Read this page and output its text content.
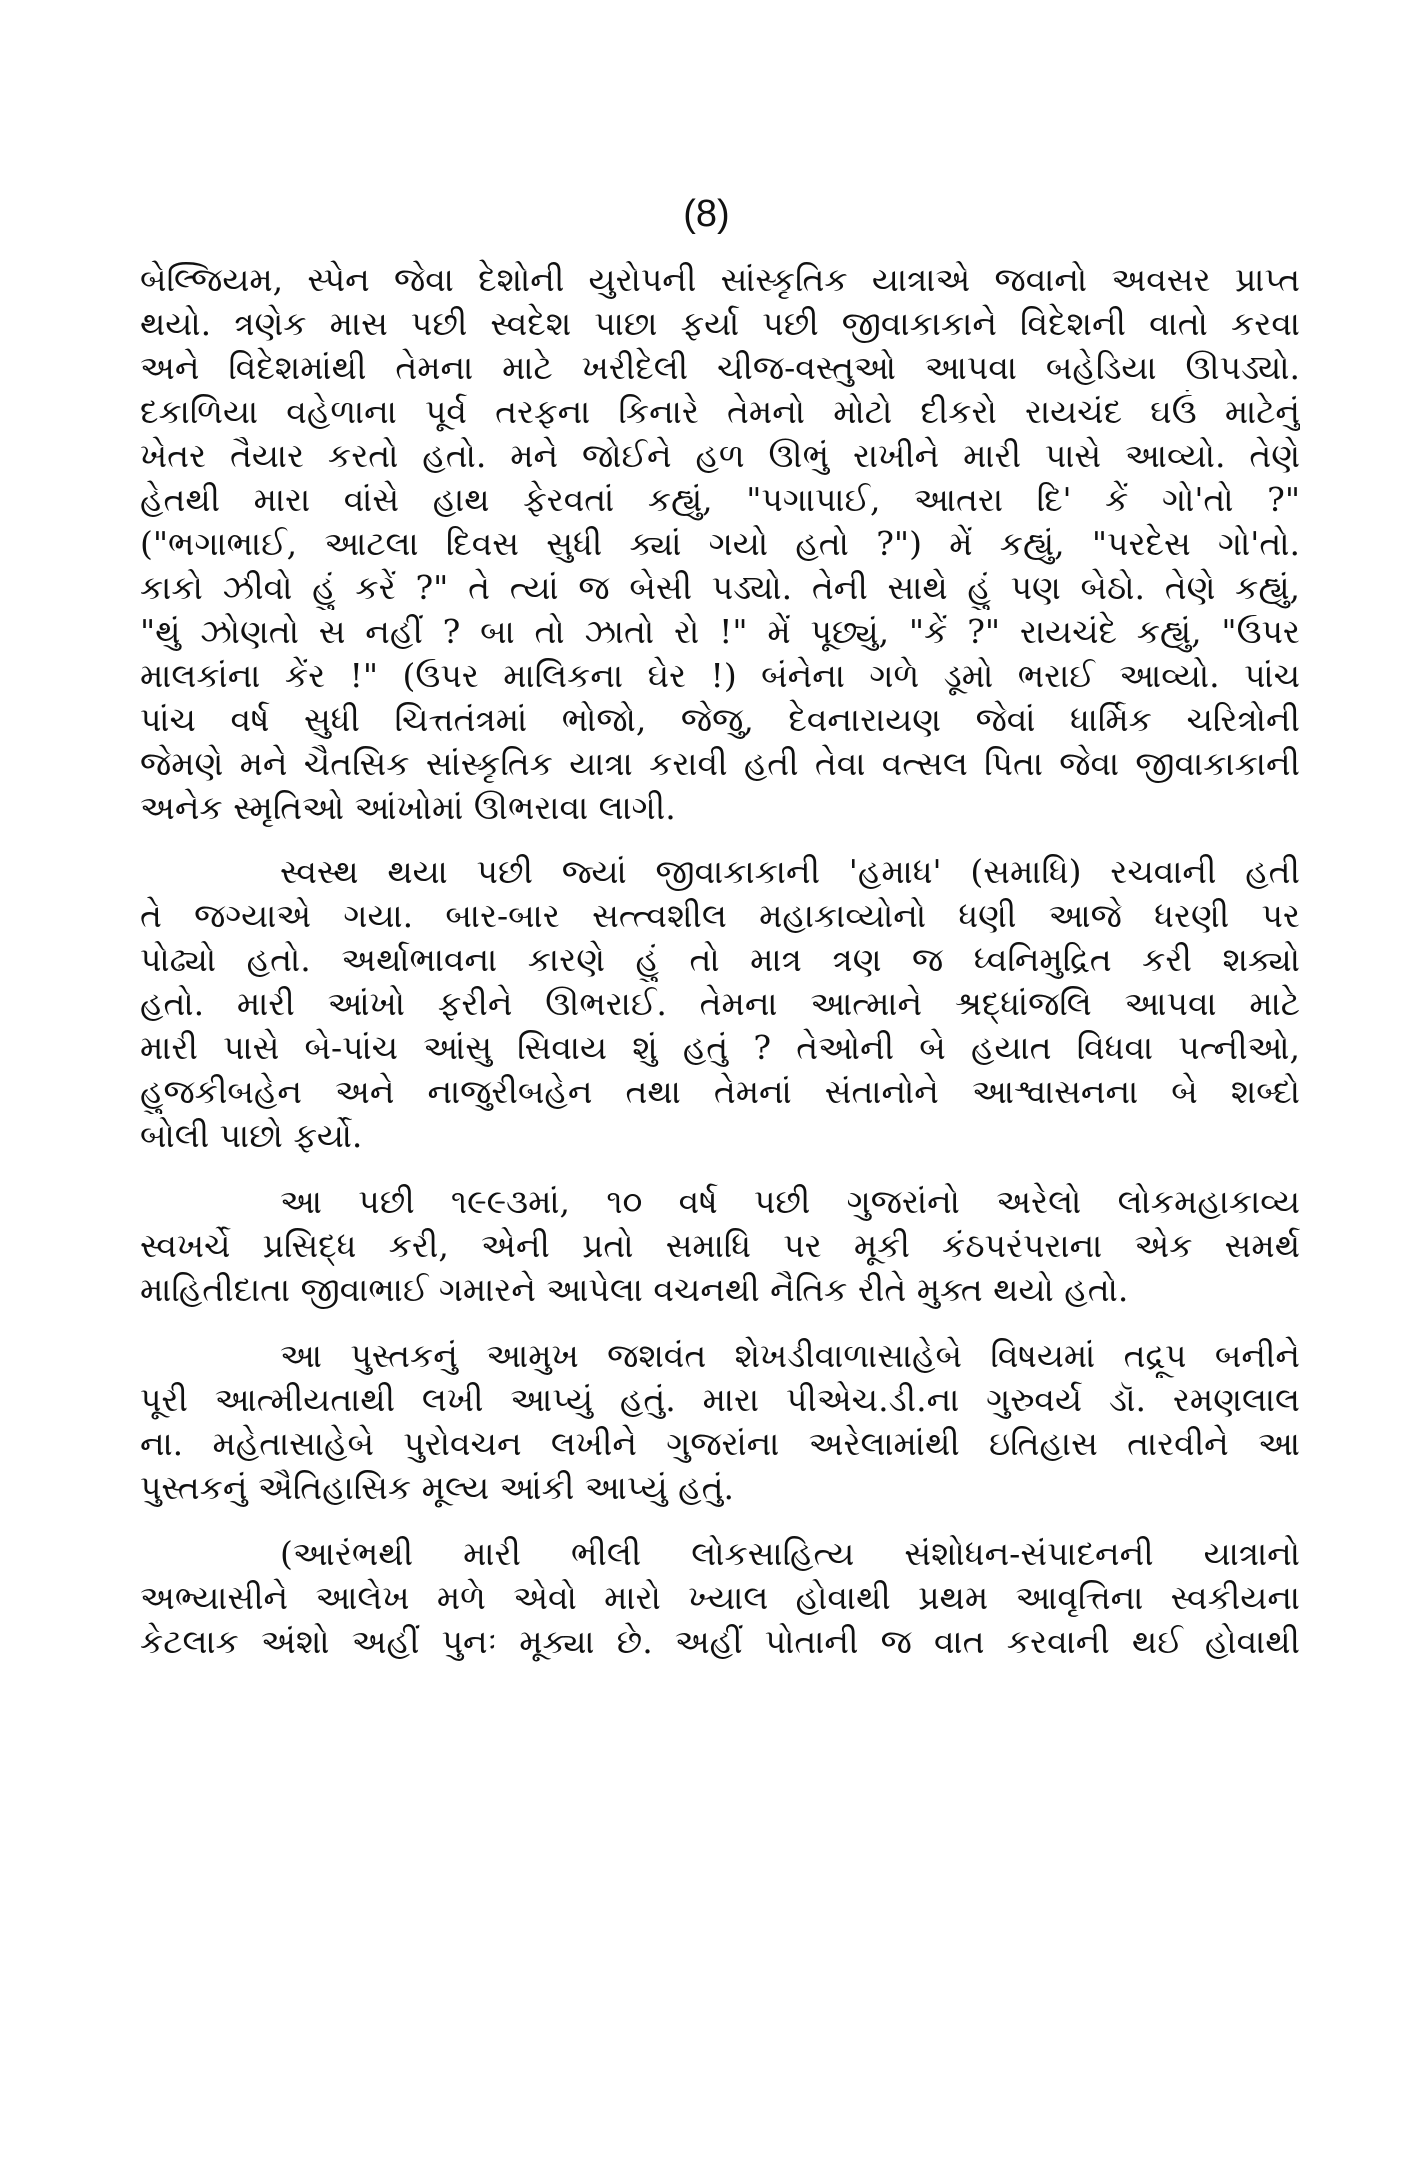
(8)
બેલ્જિયમ, સ્પેન જેવા દેશોની યુરોપની સાંસ્કૃતિક યાત્રાએ જવાનો અવસર પ્રાપ્ત
થયો. ત્રણેક માસ પછી સ્વદેશ પાછા ફર્યા પછી જીવાકાકાને વિદેશની વાતો કરવા
અને વિદેશમાંથી તેમના માટે ખરીદેલી ચીજ-વસ્તુઓ આપવા બહેડિયા ઊપડ્યો.
દકાળિયા વહેળાના પૂર્વ તરફના કિનારે તેમનો મોટો દીકરો રાયચંદ ઘઉં માટેનું
ખેતર તૈયાર કરતો હતો. મને જોઈને હળ ઊભું રાખીને મારી પાસે આવ્યો. તેણે
હેતથી મારા વાંસે હાથ ફેરવતાં કહ્યું, "પગાપાઈ, આતરા દિ' કેં ગો'તો ?"
("ભગાભાઈ, આટલા દિવસ સુધી ક્યાં ગયો હતો ?") મેં કહ્યું, "પરદેસ ગો'તો.
કાકો ઝીવો હું કરેં ?" તે ત્યાં જ બેસી પડ્યો. તેની સાથે હું પણ બેઠો. તેણે કહ્યું,
"થું ઝોણતો સ નહીં ? બા તો ઝાતો રો !" મેં પૂછ્યું, "કેં ?" રાયચંદે કહ્યું, "ઉપર
માલકાંના કેંર !" (ઉપર માલિકના ઘેર !) બંનેના ગળે ડૂમો ભરાઈ આવ્યો. પાંચ
પાંચ વર્ષ સુધી ચિત્તતંત્રમાં ભોજો, જેજુ, દેવનારાયણ જેવાં ધાર્મિક ચરિત્રોની
જેમણે મને ચૈતસિક સાંસ્કૃતિક યાત્રા કરાવી હતી તેવા વત્સલ પિતા જેવા જીવાકાકાની
અનેક સ્મૃતિઓ આંખોમાં ઊભરાવા લાગી.
સ્વસ્થ થયા પછી જ્યાં જીવાકાકાની 'હમાધ' (સમાધિ) રચવાની હતી
તે જગ્યાએ ગયા. બાર-બાર સત્ત્વશીલ મહાકાવ્યોનો ધણી આજે ધરણી પર
પોઢ્યો હતો. અર્થાભાવના કારણે હું તો માત્ર ત્રણ જ ધ્વનિમુદ્રિત કરી શક્યો
હતો. મારી આંખો ફરીને ઊભરાઈ. તેમના આત્માને શ્રદ્ધાંજલિ આપવા માટે
મારી પાસે બે-પાંચ આંસુ સિવાય શું હતું ? તેઓની બે હયાત વિધવા પત્નીઓ,
હુજકીબહેન અને નાજુરીબહેન તથા તેમનાં સંતાનોને આશ્વાસનના બે શબ્દો
બોલી પાછો ફર્યો.
આ પછી ૧૯૯૩માં, ૧૦ વર્ષ પછી ગુજરાંનો અરેલો લોકમહાકાવ્ય
સ્વખર્ચે પ્રસિદ્ધ કરી, એની પ્રતો સમાધિ પર મૂકી કંઠપરંપરાના એક સમર્થ
માહિતીદાતા જીવાભાઈ ગમારને આપેલા વચનથી નૈતિક રીતે મુક્ત થયો હતો.
આ પુસ્તકનું આમુખ જશવંત શેખડીવાળાસાહેબે વિષયમાં તદ્રૂપ બનીને
પૂરી આત્મીયતાથી લખી આપ્યું હતું. મારા પીએચ.ડી.ના ગુરુવર્ય ડૉ. રમણલાલ
ના. મહેતાસાહેબે પુરોવચન લખીને ગુજરાંના અરેલામાંથી ઇતિહાસ તારવીને આ
પુસ્તકનું ઐતિહાસિક મૂલ્ય આંકી આપ્યું હતું.
(આરંભથી મારી ભીલી લોકસાહિત્ય સંશોધન-સંપાદનની યાત્રાનો
અભ્યાસીને આલેખ મળે એવો મારો ખ્યાલ હોવાથી પ્રથમ આવૃત્તિના સ્વકીયના
કેટલાક અંશો અહીં પુનઃ મૂક્યા છે. અહીં પોતાની જ વાત કરવાની થઈ હોવાથી
